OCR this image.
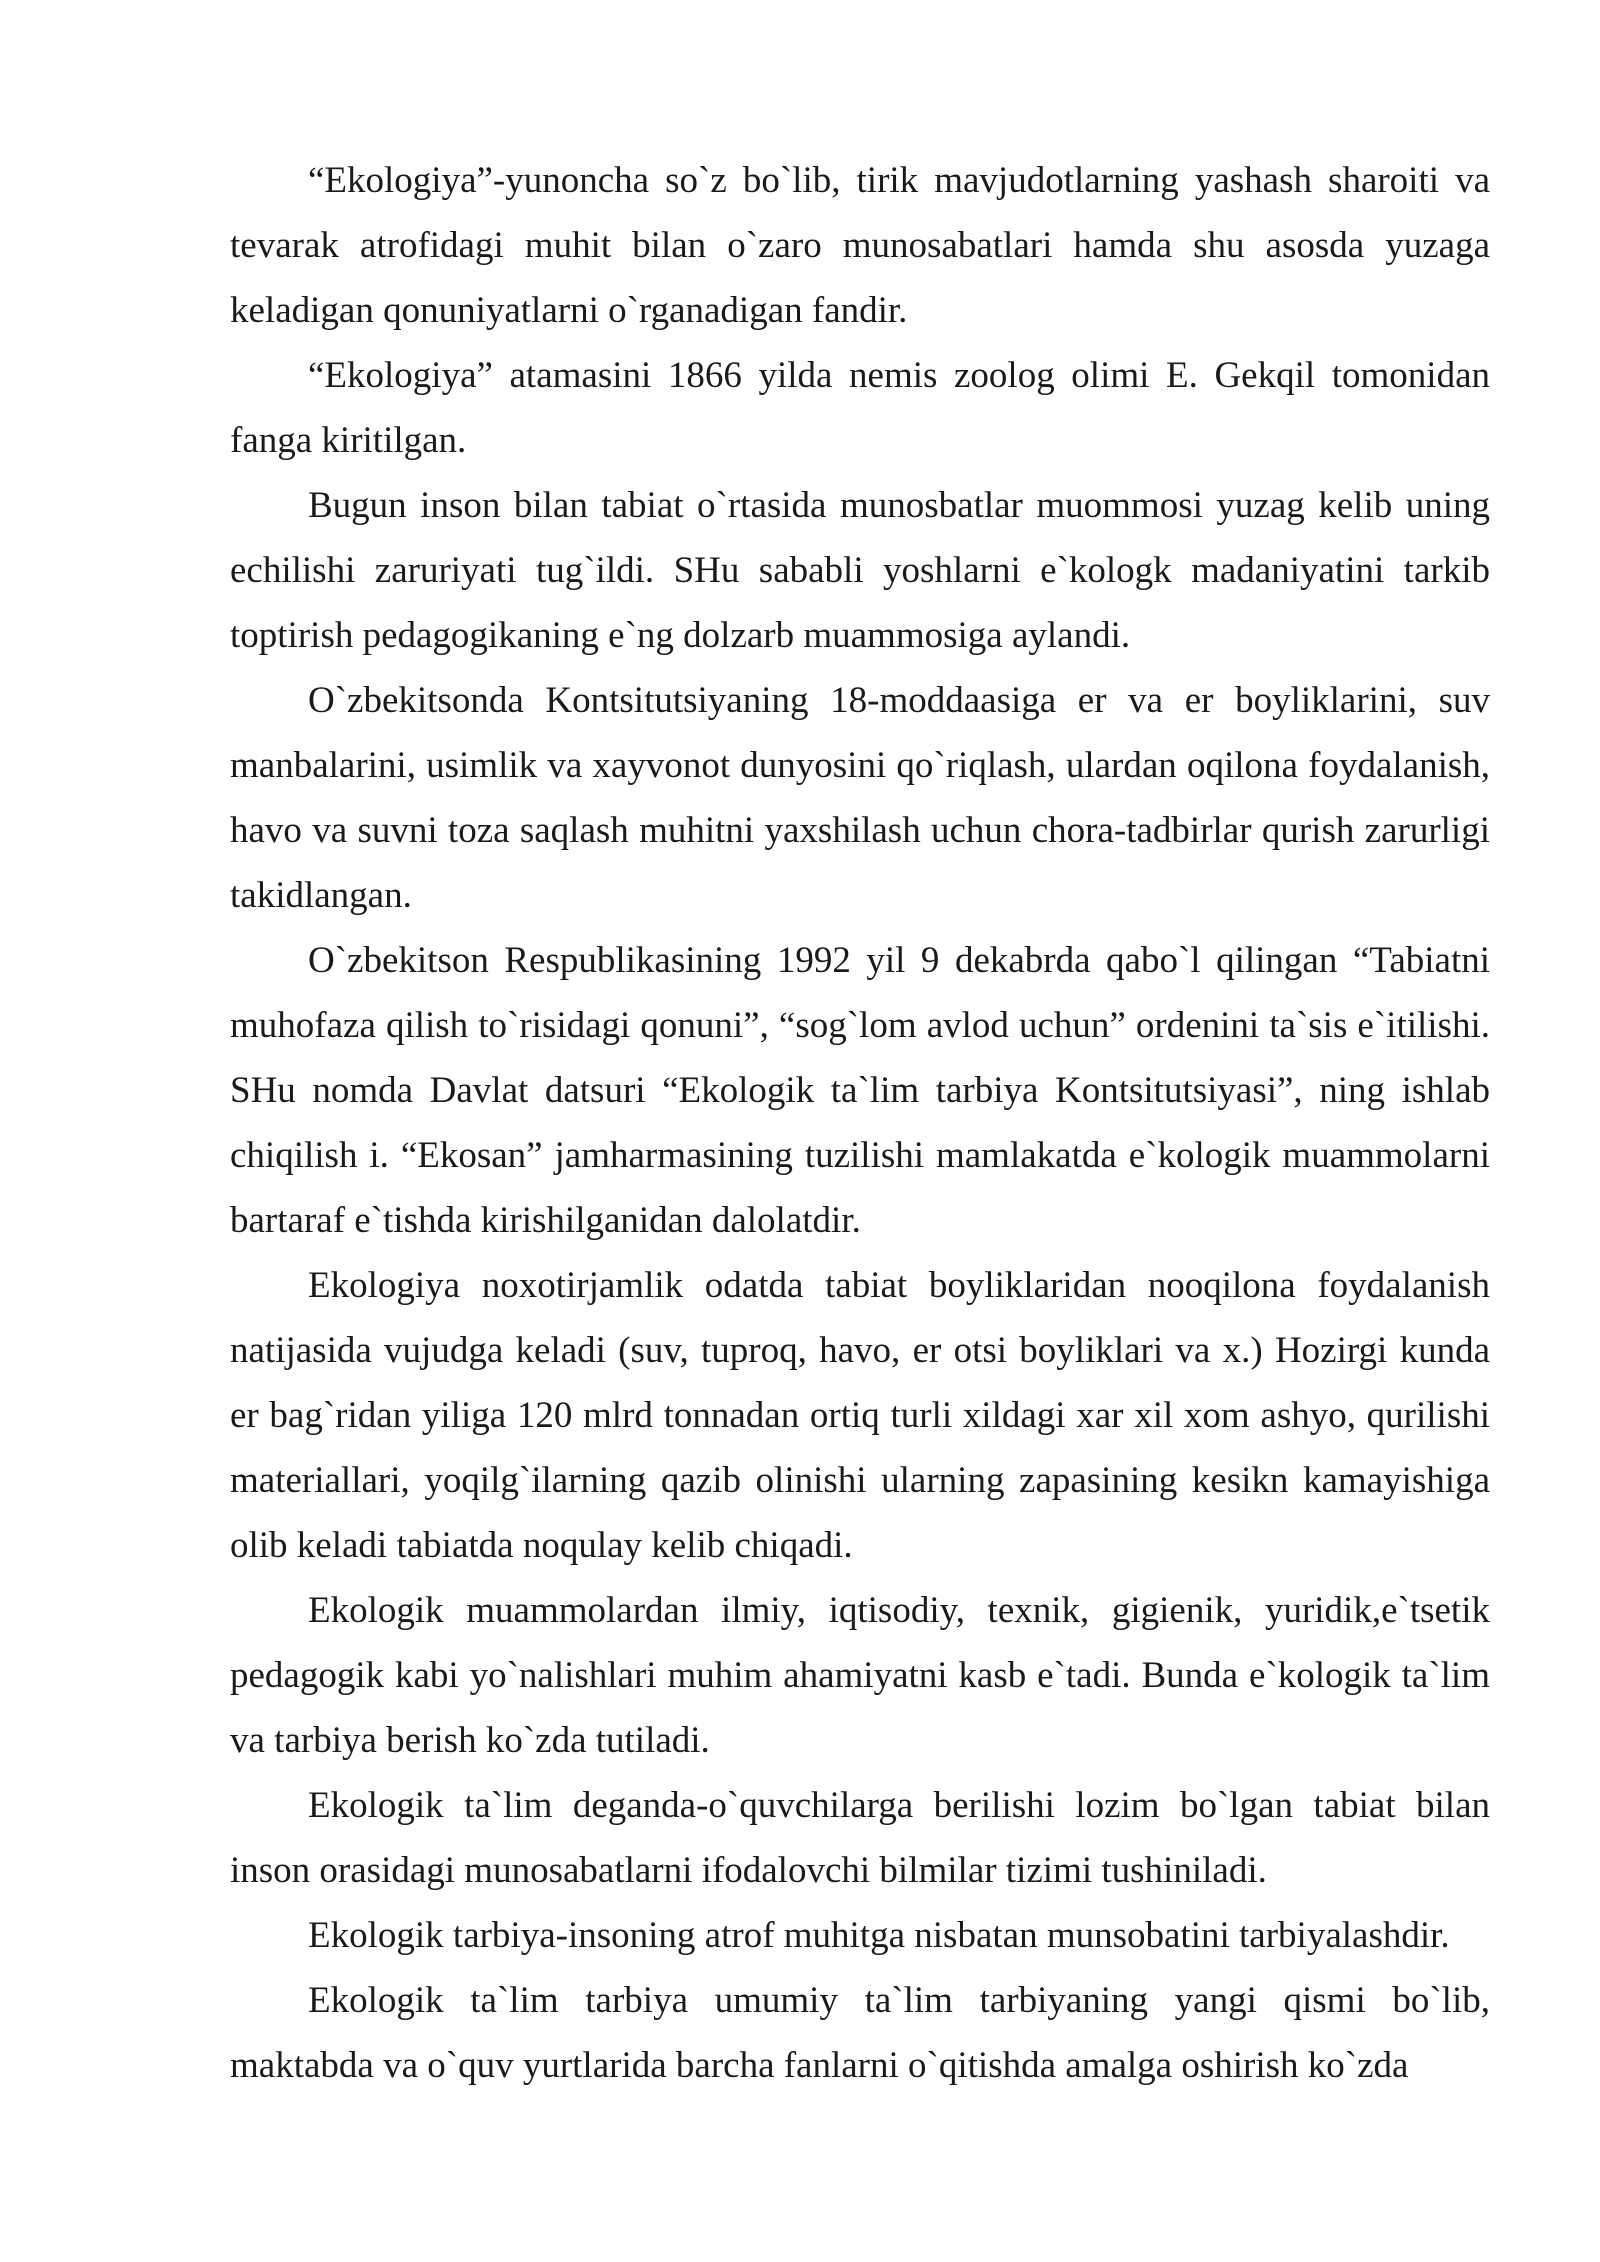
“Ekologiya”-yunoncha so`z bo`lib, tirik mavjudotlarning yashash sharoiti va tevarak atrofidagi muhit bilan o`zaro munosabatlari hamda shu asosda yuzaga keladigan qonuniyatlarni o`rganadigan fandir.

“Ekologiya” atamasini 1866 yilda nemis zoolog olimi E. Gekqil tomonidan fanga kiritilgan.

Bugun inson bilan tabiat o`rtasida munosbatlar muommosi yuzag kelib uning echilishi zaruriyati tug`ildi. SHu sababli yoshlarni e`kologk madaniyatini tarkib toptirish pedagogikaning e`ng dolzarb muammosiga aylandi.

O`zbekitsonda Kontsitutsiyaning 18-moddaasiga er va er boyliklarini, suv manbalarini, usimlik va xayvonot dunyosini qo`riqlash, ulardan oqilona foydalanish, havo va suvni toza saqlash muhitni yaxshilash uchun chora-tadbirlar qurish zarurligi takidlangan.

O`zbekitson Respublikasining 1992 yil 9 dekabrda qabo`l qilingan “Tabiatni muhofaza qilish to`risidagi qonuni”, “sog`lom avlod uchun” ordenini ta`sis e`itilishi. SHu nomda Davlat datsuri “Ekologik ta`lim tarbiya Kontsitutsiyasi”, ning ishlab chiqilish i. “Ekosan” jamharmasining tuzilishi mamlakatda e`kologik muammolarni bartaraf e`tishda kirishilganidan dalolatdir.

Ekologiya noxotirjamlik odatda tabiat boyliklaridan nooqilona foydalanish natijasida vujudga keladi (suv, tuproq, havo, er otsi boyliklari va x.) Hozirgi kunda er bag`ridan yiliga 120 mlrd tonnadan ortiq turli xildagi xar xil xom ashyo, qurilishi materiallari, yoqilg`ilarning qazib olinishi ularning zapasining kesikn kamayishiga olib keladi tabiatda noqulay kelib chiqadi.

Ekologik muammolardan ilmiy, iqtisodiy, texnik, gigienik, yuridik,e`tsetik pedagogik kabi yo`nalishlari muhim ahamiyatni kasb e`tadi. Bunda e`kologik ta`lim va tarbiya berish ko`zda tutiladi.

Ekologik ta`lim deganda-o`quvchilarga berilishi lozim bo`lgan tabiat bilan inson orasidagi munosabatlarni ifodalovchi bilmilar tizimi tushiniladi.

Ekologik tarbiya-insoning atrof muhitga nisbatan munsobatini tarbiyalashdir.

Ekologik ta`lim tarbiya umumiy ta`lim tarbiyaning yangi qismi bo`lib, maktabda va o`quv yurtlarida barcha fanlarni o`qitishda amalga oshirish ko`zda
